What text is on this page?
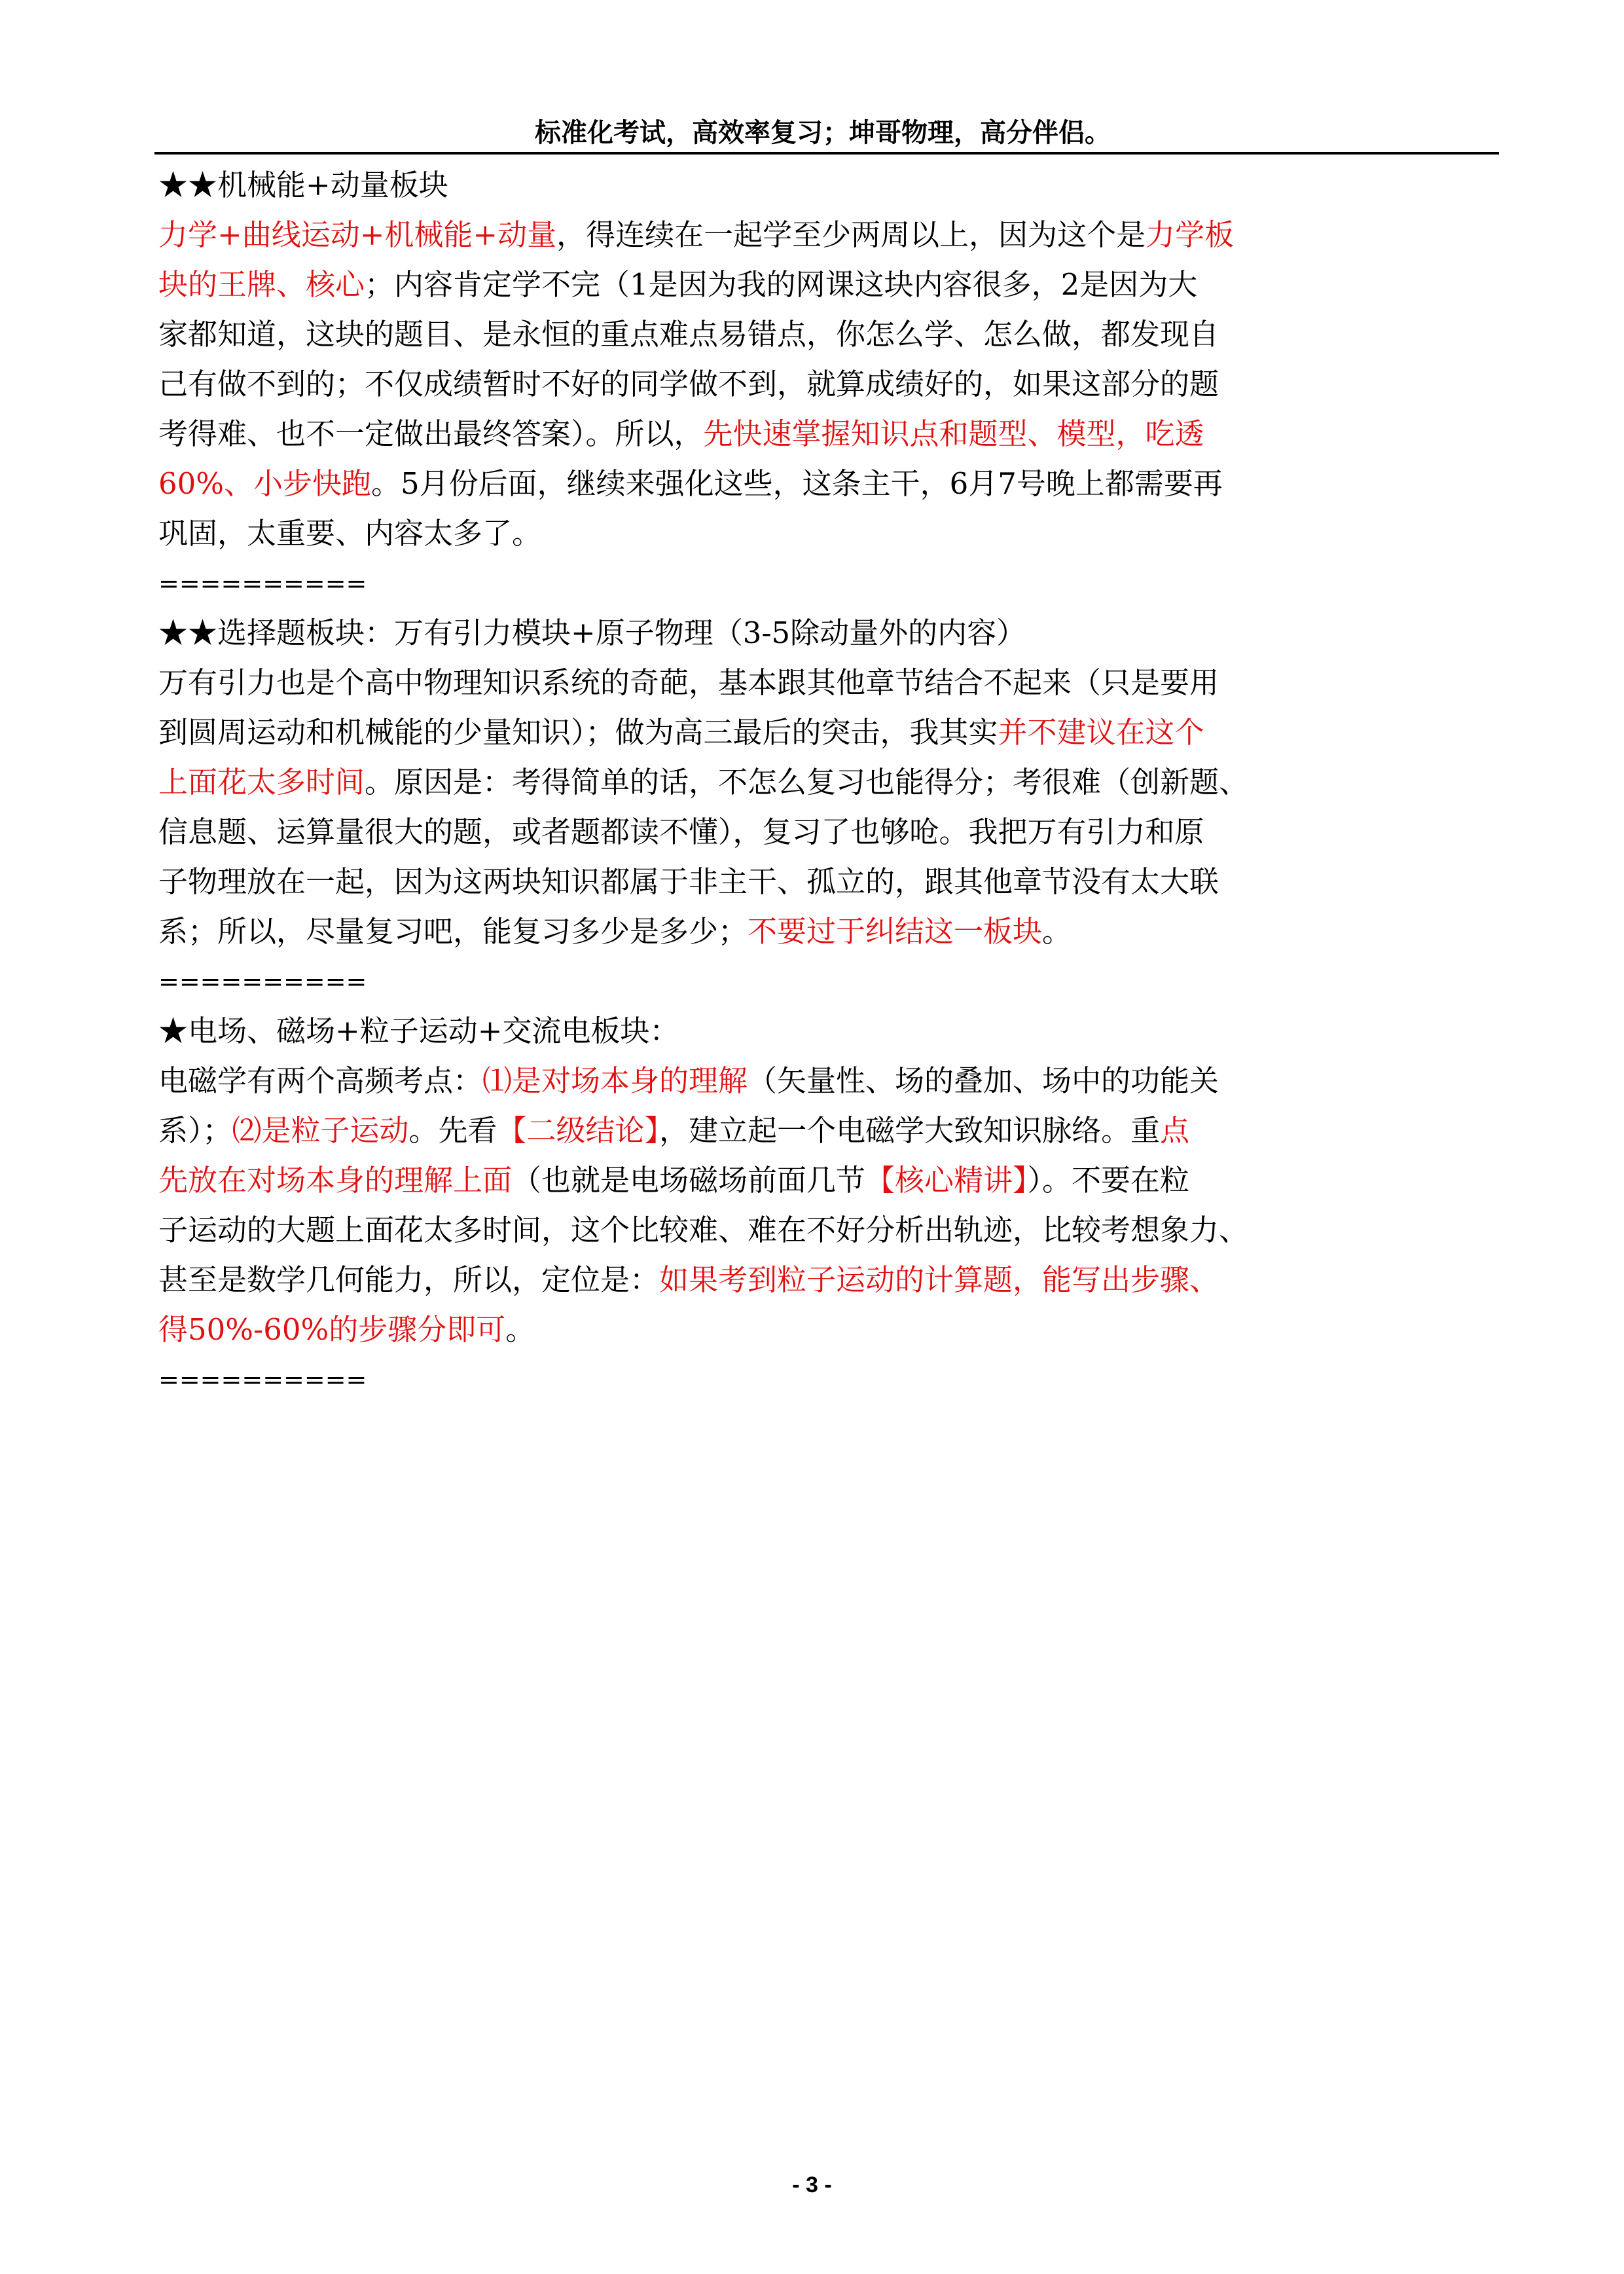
标准化考试，高效率复习；坤哥物理，高分伴侣。
★★机械能+动量板块
力学+曲线运动+机械能+动量，得连续在一起学至少两周以上，因为这个是力学板
块的王牌、核心；内容肯定学不完（1是因为我的网课这块内容很多，2是因为大
家都知道，这块的题目、是永恒的重点难点易错点，你怎么学、怎么做，都发现自
己有做不到的；不仅成绩暂时不好的同学做不到，就算成绩好的，如果这部分的题
考得难、也不一定做出最终答案）。所以，先快速掌握知识点和题型、模型，吃透
60%、小步快跑。5月份后面，继续来强化这些，这条主干，6月7号晚上都需要再
巩固，太重要、内容太多了。
==========
★★选择题板块：万有引力模块+原子物理（3-5除动量外的内容）
万有引力也是个高中物理知识系统的奇葩，基本跟其他章节结合不起来（只是要用
到圆周运动和机械能的少量知识）；做为高三最后的突击，我其实并不建议在这个
上面花太多时间。原因是：考得简单的话，不怎么复习也能得分；考很难（创新题、
信息题、运算量很大的题，或者题都读不懂），复习了也够呛。我把万有引力和原
子物理放在一起，因为这两块知识都属于非主干、孤立的，跟其他章节没有太大联
系；所以，尽量复习吧，能复习多少是多少；不要过于纠结这一板块。
==========
★电场、磁场+粒子运动+交流电板块：
电磁学有两个高频考点：⑴是对场本身的理解（矢量性、场的叠加、场中的功能关
系）；⑵是粒子运动。先看【二级结论】，建立起一个电磁学大致知识脉络。重点
先放在对场本身的理解上面（也就是电场磁场前面几节【核心精讲】）。不要在粒
子运动的大题上面花太多时间，这个比较难、难在不好分析出轨迹，比较考想象力、
甚至是数学几何能力，所以，定位是：如果考到粒子运动的计算题，能写出步骤、
得50%-60%的步骤分即可。
==========
- 3 -
